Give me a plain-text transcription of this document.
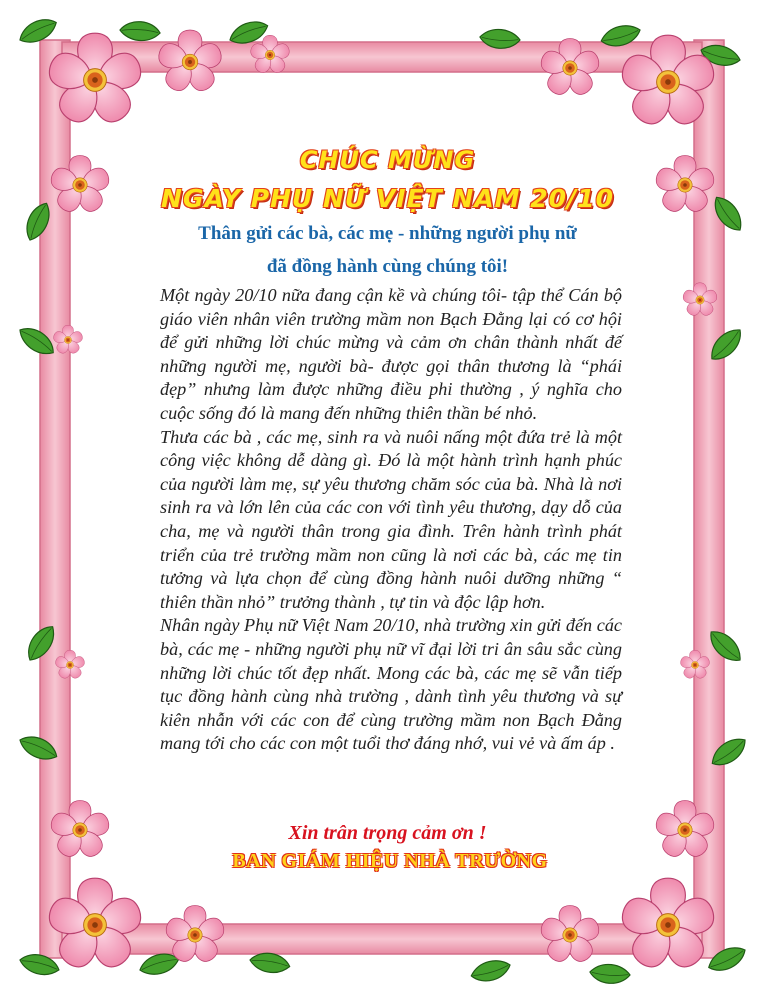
CHÚC MỪNG
NGÀY PHỤ NỮ VIỆT NAM 20/10
Thân gửi các bà, các mẹ - những người phụ nữ
đã đồng hành cùng chúng tôi!

Một ngày 20/10 nữa đang cận kề và chúng tôi- tập thể Cán bộ giáo viên nhân viên trường mầm non Bạch Đằng lại có cơ hội để gửi những lời chúc mừng và cảm ơn chân thành nhất đế những người mẹ, người bà- được gọi thân thương là “phái đẹp” nhưng làm được những điều phi thường , ý nghĩa cho cuộc sống đó là mang đến những thiên thần bé nhỏ.

Thưa các bà , các mẹ, sinh ra và nuôi nấng một đứa trẻ là một công việc không dễ dàng gì. Đó là một hành trình hạnh phúc của người làm mẹ, sự yêu thương chăm sóc của bà. Nhà là nơi sinh ra và lớn lên của các con với tình yêu thương, dạy dỗ của cha, mẹ và người thân trong gia đình. Trên hành trình phát triển của trẻ trường mầm non cũng là nơi các bà, các mẹ tin tưởng và lựa chọn để cùng đồng hành nuôi dưỡng những “ thiên thần nhỏ” trưởng thành , tự tin và độc lập hơn.

Nhân ngày Phụ nữ Việt Nam 20/10, nhà trường xin gửi đến các bà, các mẹ - những người phụ nữ vĩ đại lời tri ân sâu sắc cùng những lời chúc tốt đẹp nhất. Mong các bà, các mẹ sẽ vẫn tiếp tục đồng hành cùng nhà trường , dành tình yêu thương và sự kiên nhẫn với các con để cùng trường mầm non Bạch Đằng mang tới cho các con một tuổi thơ đáng nhớ, vui vẻ và ấm áp .

Xin trân trọng cảm ơn !
BAN GIÁM HIỆU NHÀ TRƯỜNG
